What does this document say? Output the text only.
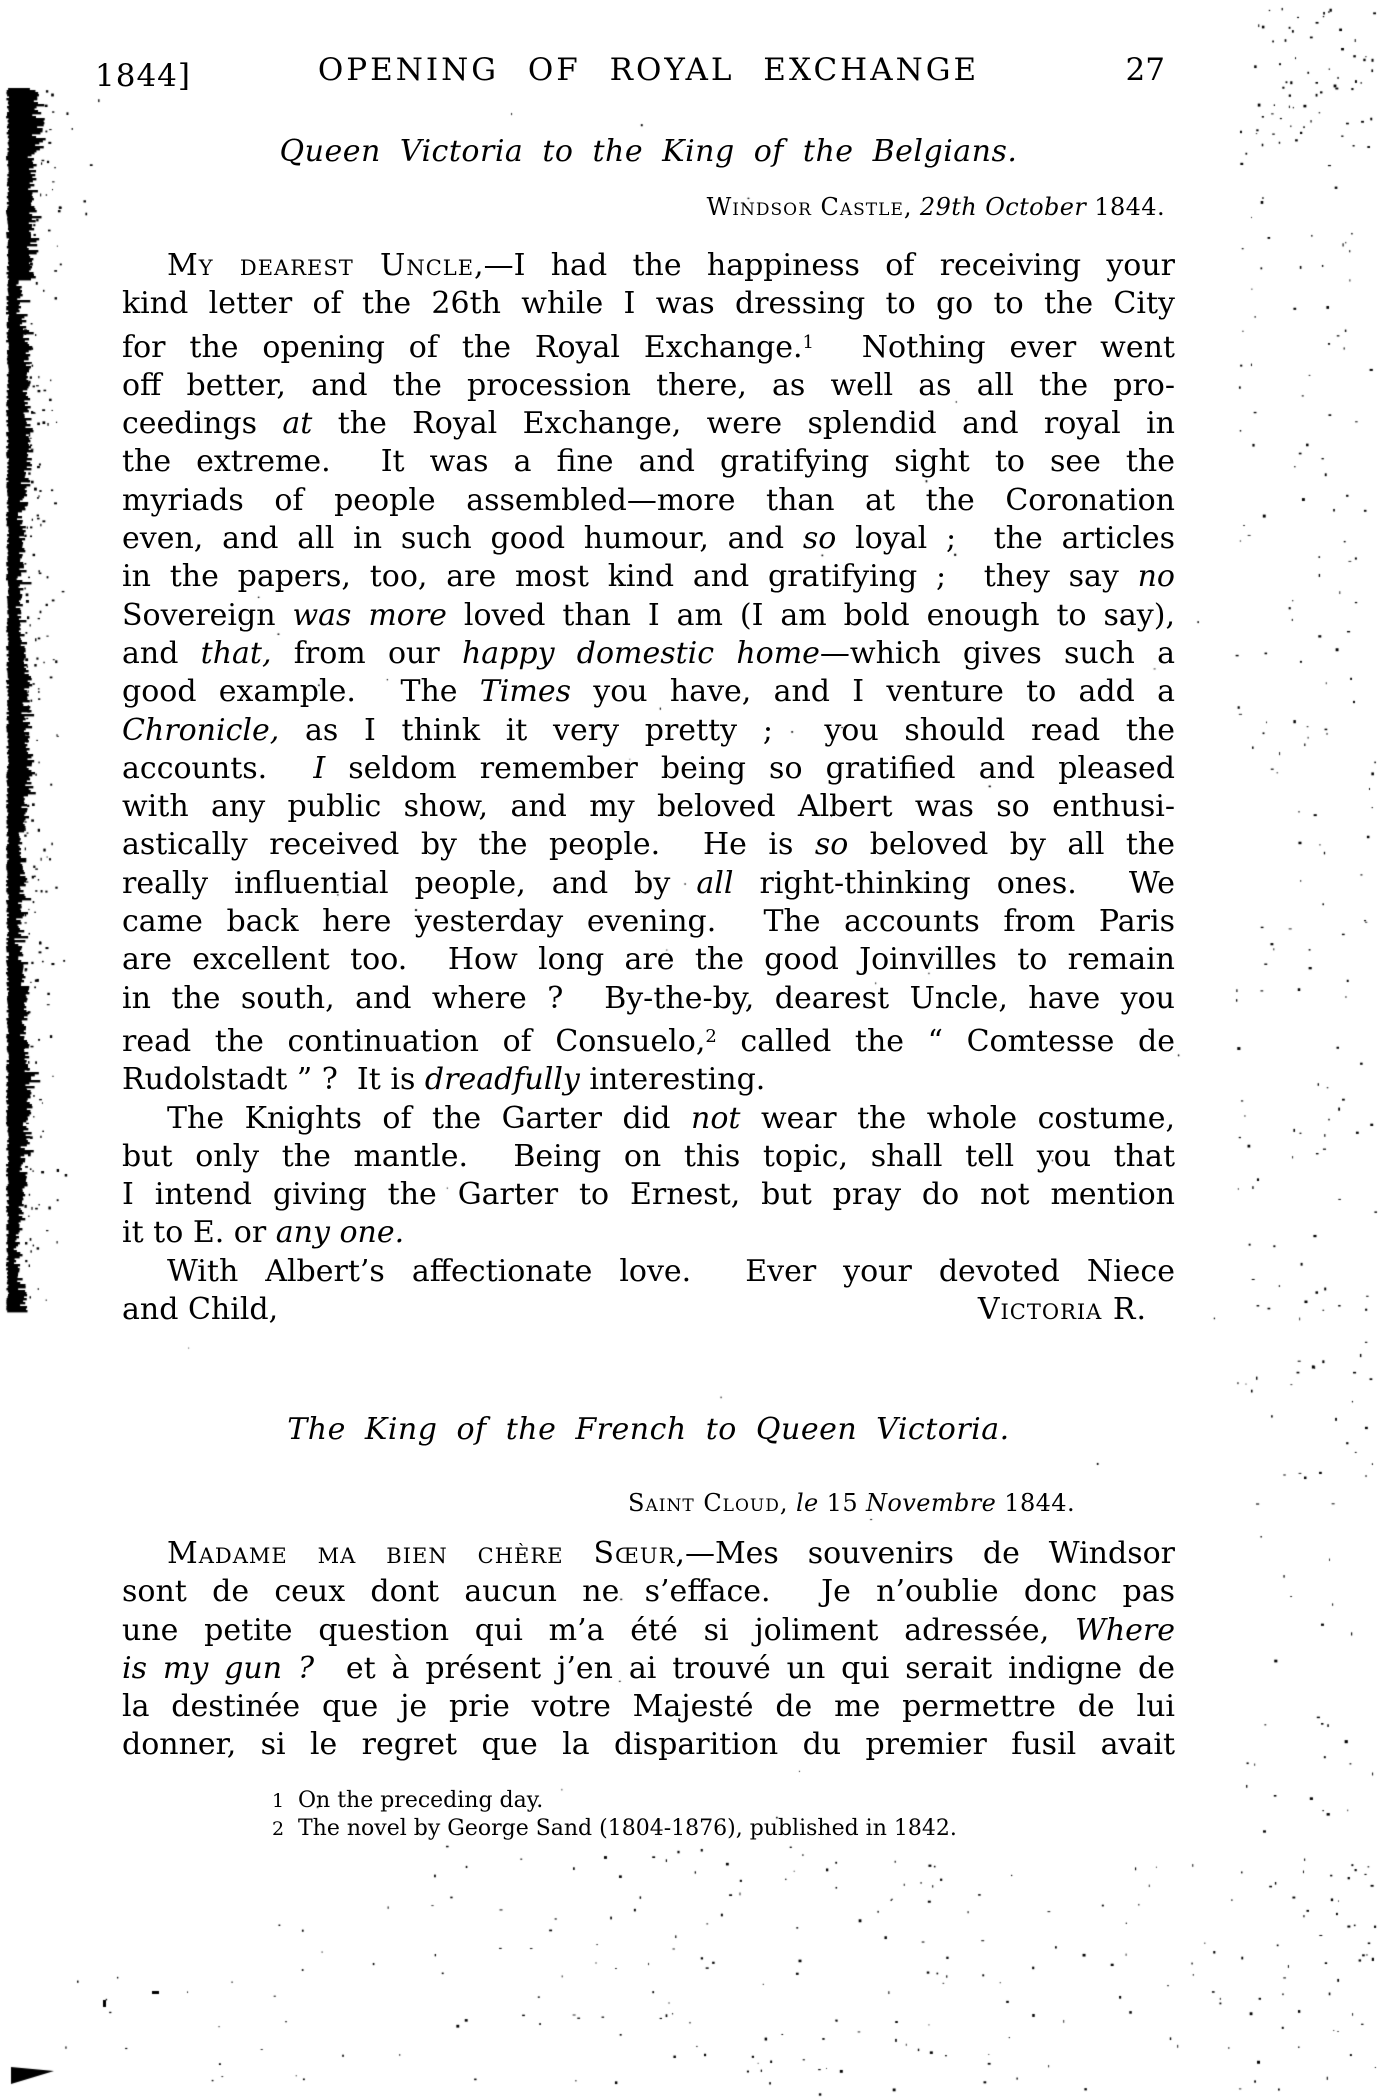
1844]	OPENING OF ROYAL EXCHANGE	27
Queen Victoria to the King of the Belgians.
Windsor Castle, 29th October 1844.
My dearest Uncle,—I had the happiness of receiving your
kind letter of the 26th while I was dressing to go to the City
for the opening of the Royal Exchange.$^1$  Nothing ever went
off better, and the procession there, as well as all the pro-
ceedings at the Royal Exchange, were splendid and royal in
the extreme.  It was a fine and gratifying sight to see the
myriads of people assembled—more than at the Coronation
even, and all in such good humour, and so loyal ;  the articles
in the papers, too, are most kind and gratifying ;  they say no
Sovereign was more loved than I am (I am bold enough to say),
and that, from our happy domestic home—which gives such a
good example.  The Times you have, and I venture to add a
Chronicle, as I think it very pretty ;  you should read the
accounts.  I seldom remember being so gratified and pleased
with any public show, and my beloved Albert was so enthusi-
astically received by the people.  He is so beloved by all the
really influential people, and by all right-thinking ones.  We
came back here yesterday evening.  The accounts from Paris
are excellent too.  How long are the good Joinvilles to remain
in the south, and where ?  By-the-by, dearest Uncle, have you
read the continuation of Consuelo,$^2$ called the “ Comtesse de
Rudolstadt ” ?  It is dreadfully interesting.
The Knights of the Garter did not wear the whole costume,
but only the mantle.  Being on this topic, shall tell you that
I intend giving the Garter to Ernest, but pray do not mention
it to E. or any one.
With Albert’s affectionate love.  Ever your devoted Niece
and Child,	Victoria R.
The King of the French to Queen Victoria.
Saint Cloud, le 15 Novembre 1844.
Madame ma bien chère Sœur,—Mes souvenirs de Windsor
sont de ceux dont aucun ne s’efface.  Je n’oublie donc pas
une petite question qui m’a été si joliment adressée, Where
is my gun ?  et à présent j’en ai trouvé un qui serait indigne de
la destinée que je prie votre Majesté de me permettre de lui
donner, si le regret que la disparition du premier fusil avait
1 On the preceding day.
2 The novel by George Sand (1804-1876), published in 1842.
